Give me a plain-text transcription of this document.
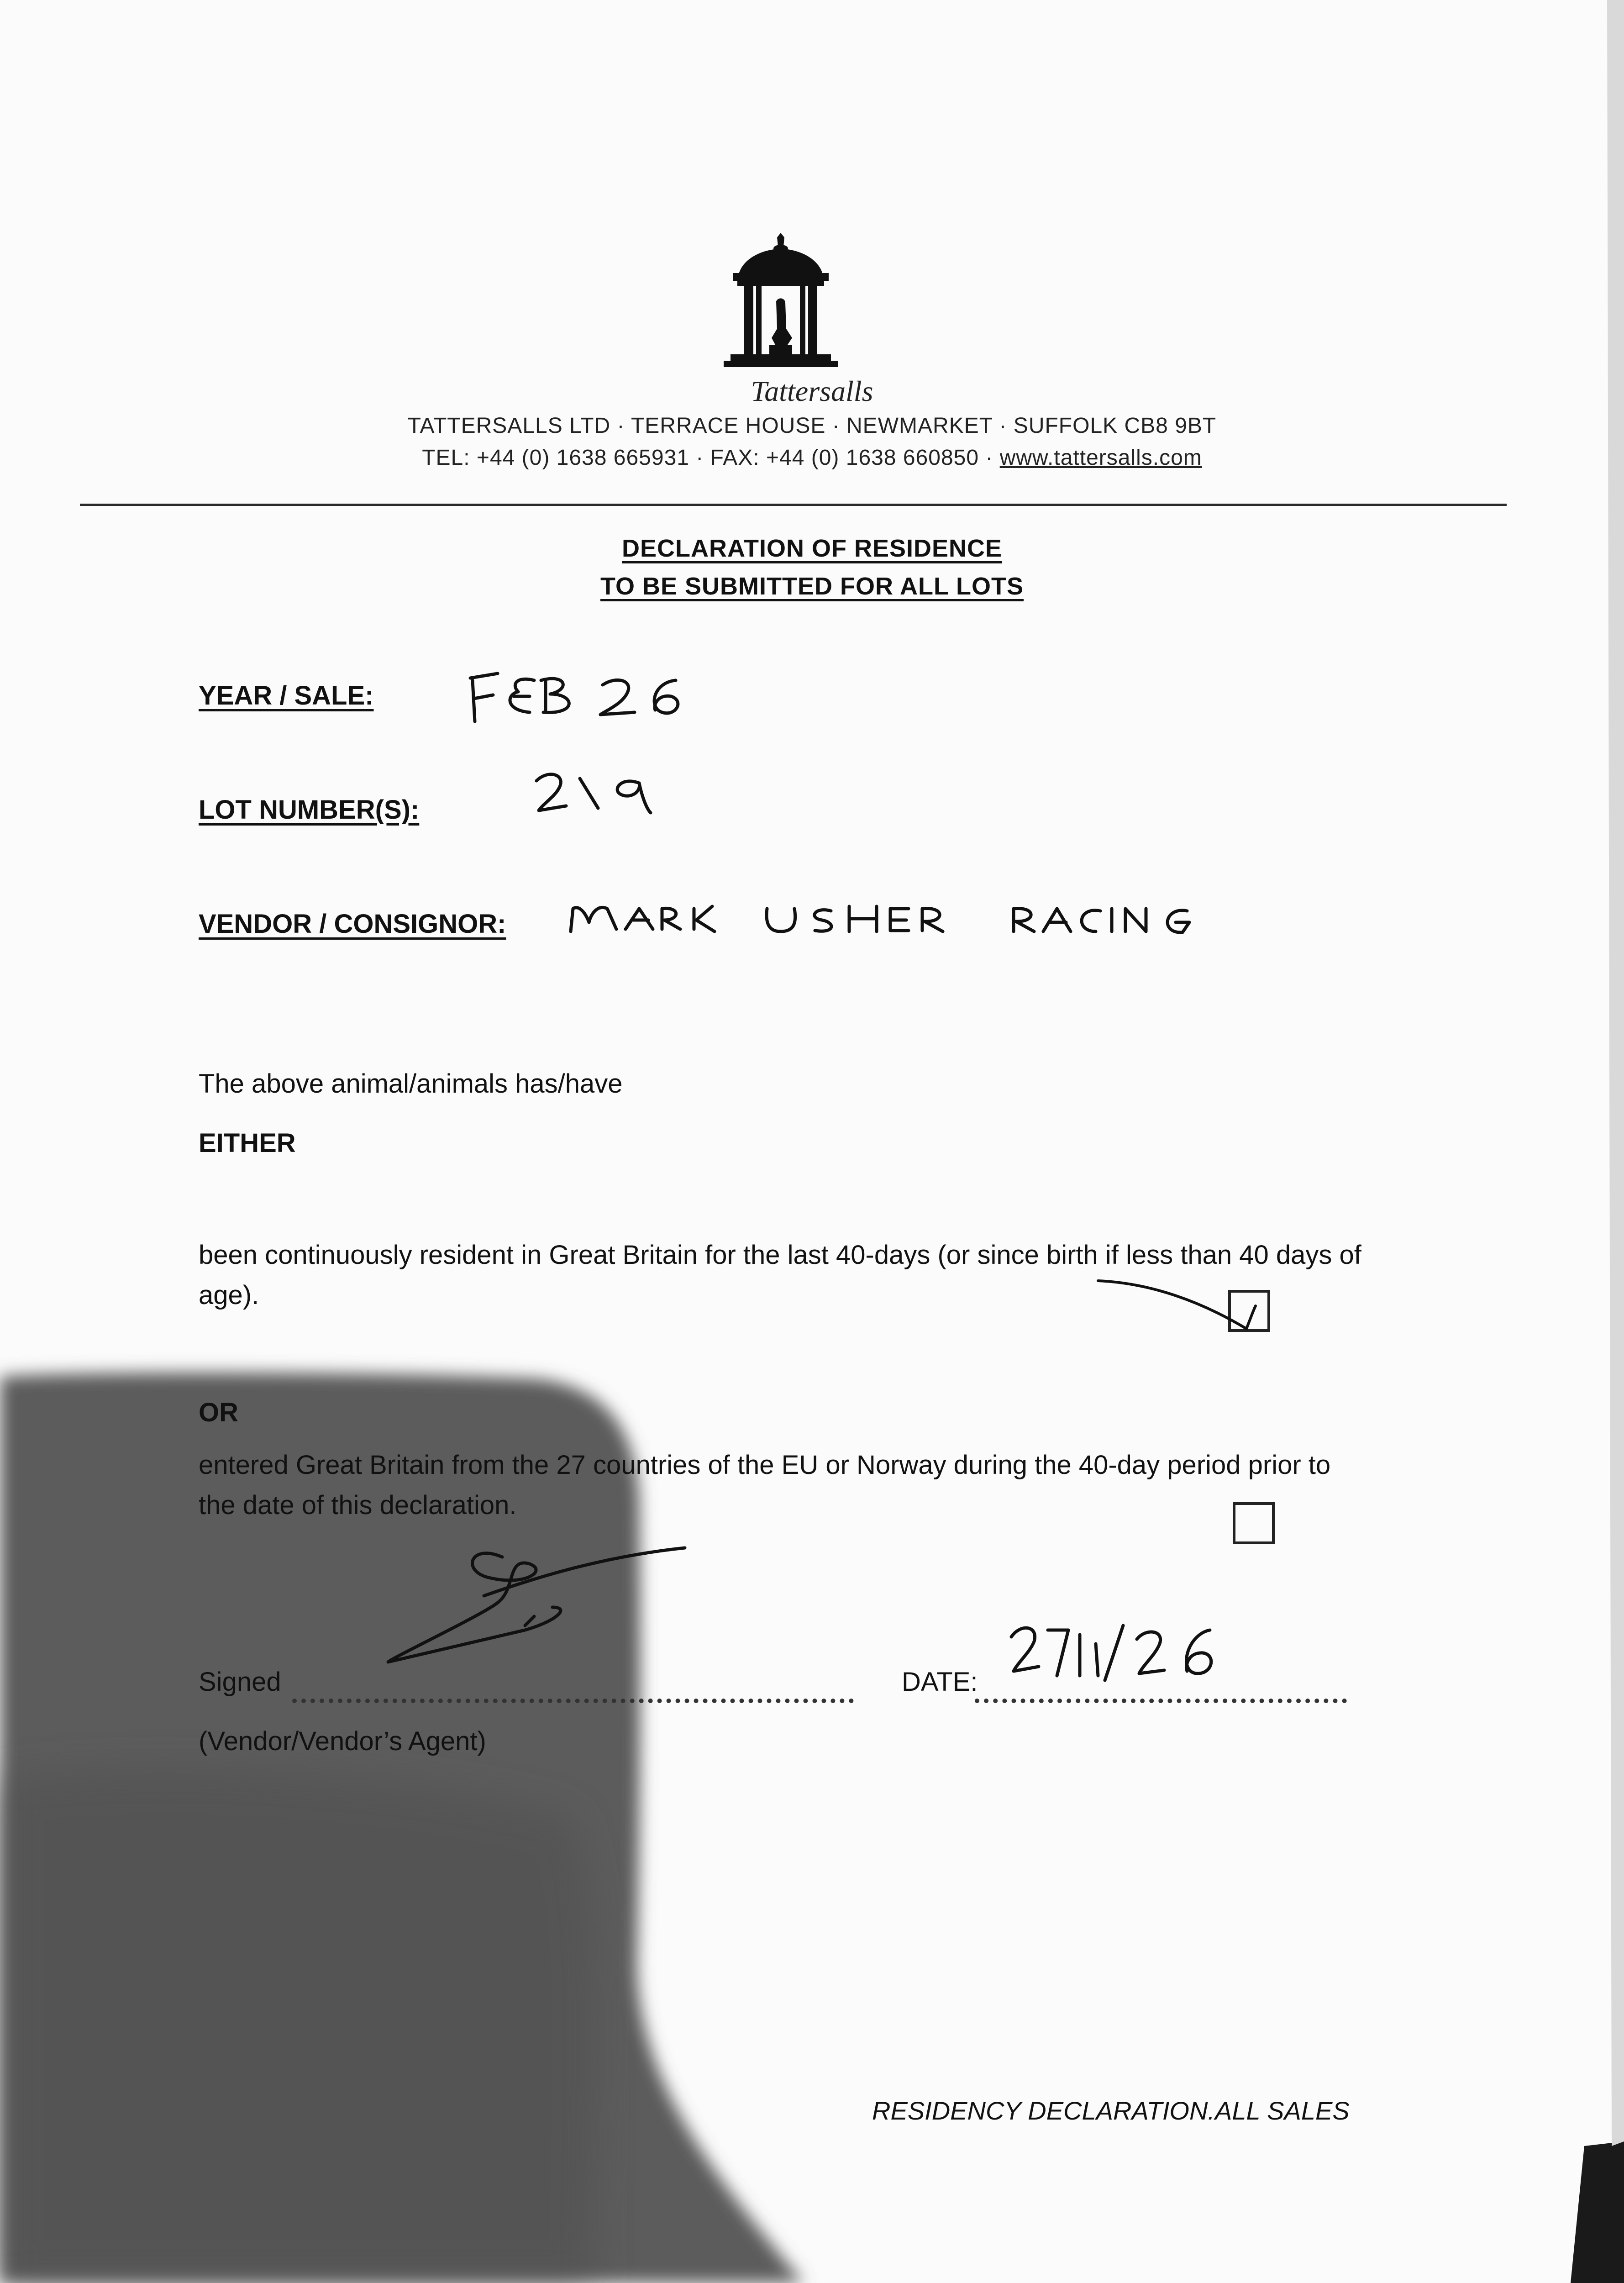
Tattersalls
TATTERSALLS LTD · TERRACE HOUSE · NEWMARKET · SUFFOLK CB8 9BT
TEL: +44 (0) 1638 665931 · FAX: +44 (0) 1638 660850 · www.tattersalls.com
DECLARATION OF RESIDENCE
TO BE SUBMITTED FOR ALL LOTS
YEAR / SALE:
LOT NUMBER(S):
VENDOR / CONSIGNOR:
The above animal/animals has/have
EITHER
been continuously resident in Great Britain for the last 40-days (or since birth if less than 40 days of age).
OR
entered Great Britain from the 27 countries of the EU or Norway during the 40-day period prior to the date of this declaration.
Signed	DATE:
(Vendor/Vendor’s Agent)
RESIDENCY DECLARATION.ALL SALES
